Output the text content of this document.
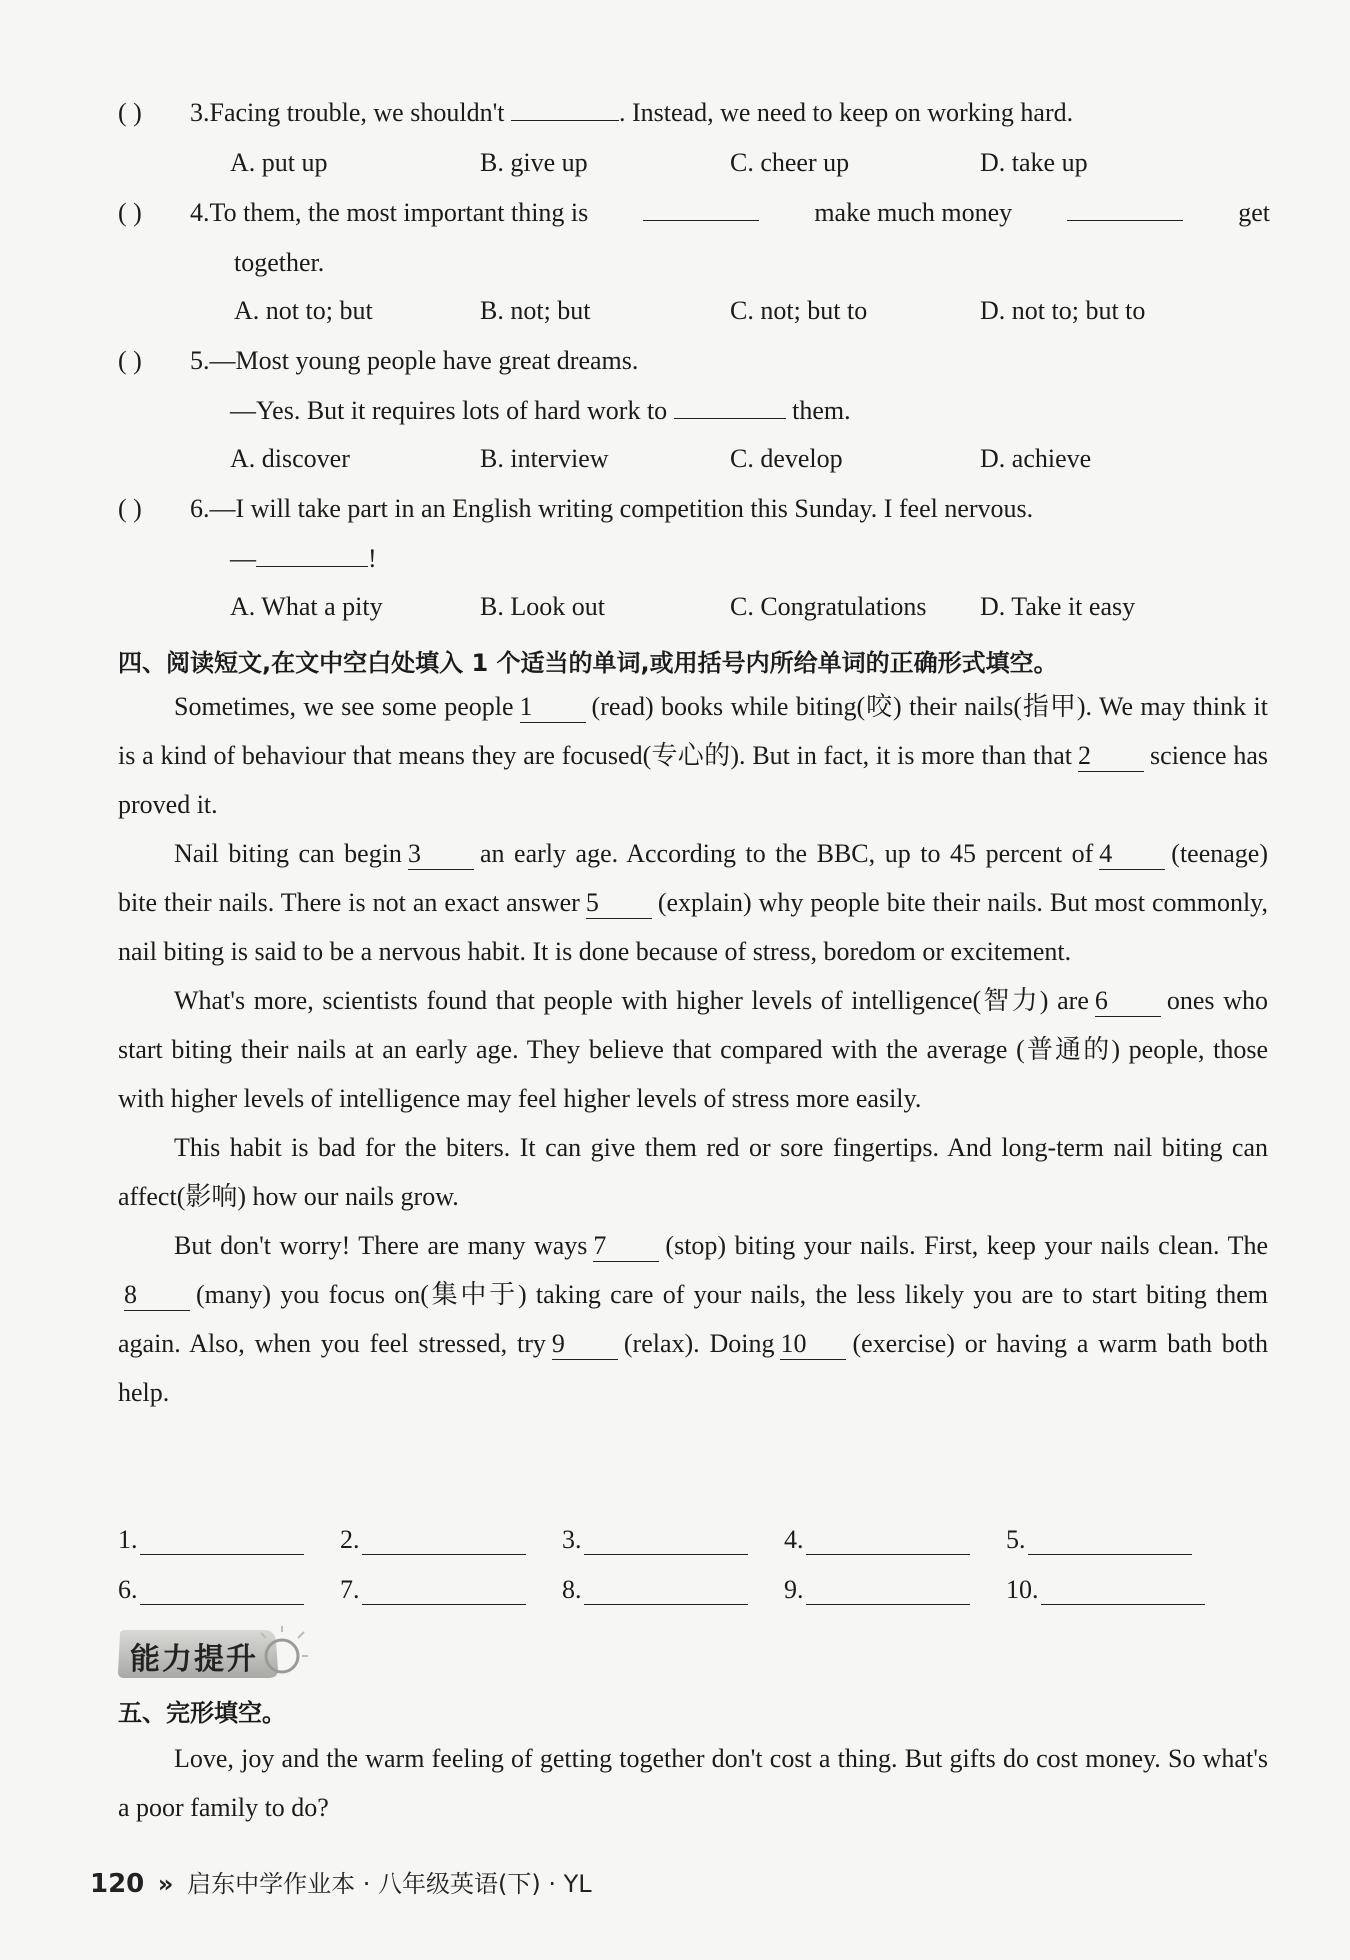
( ) 3.Facing trouble, we shouldn't	. Instead, we need to keep on working hard.
A. put up	B. give up	C. cheer up	D. take up
( ) 4.To them, the most important thing is	make much money	get
together.
A. not to; but	B. not; but	C. not; but to	D. not to; but to
( ) 5.—Most young people have great dreams.
—Yes. But it requires lots of hard work to	them.
A. discover	B. interview	C. develop	D. achieve
( ) 6.—I will take part in an English writing competition this Sunday. I feel nervous.
—	!
A. What a pity	B. Look out	C. Congratulations D. Take it easy
四、阅读短文,在文中空白处填入 1 个适当的单词,或用括号内所给单词的正确形式填空。
Sometimes, we see some people 1 (read) books while biting(咬) their nails(指甲). We may think it is a kind of behaviour that means they are focused(专心的). But in fact, it is more than that 2 science has proved it.
Nail biting can begin 3 an early age. According to the BBC, up to 45 percent of 4 (teenage) bite their nails. There is not an exact answer 5 (explain) why people bite their nails. But most commonly, nail biting is said to be a nervous habit. It is done because of stress, boredom or excitement.
What's more, scientists found that people with higher levels of intelligence(智力) are 6 ones who start biting their nails at an early age. They believe that compared with the average (普通的) people, those with higher levels of intelligence may feel higher levels of stress more easily.
This habit is bad for the biters. It can give them red or sore fingertips. And long-term nail biting can affect(影响) how our nails grow.
But don't worry! There are many ways 7 (stop) biting your nails. First, keep your nails clean. The8 (many) you focus on(集中于) taking care of your nails, the less likely you are to start biting them again. Also, when you feel stressed, try 9 (relax). Doing 10 (exercise) or having a warm bath both help.
1.	2.	3.	4.	5.
6.	7.	8.	9.	10.
能力提升
五、完形填空。
Love, joy and the warm feeling of getting together don't cost a thing. But gifts do cost money. So what's a poor family to do?
120 » 启东中学作业本 · 八年级英语(下) · YL
